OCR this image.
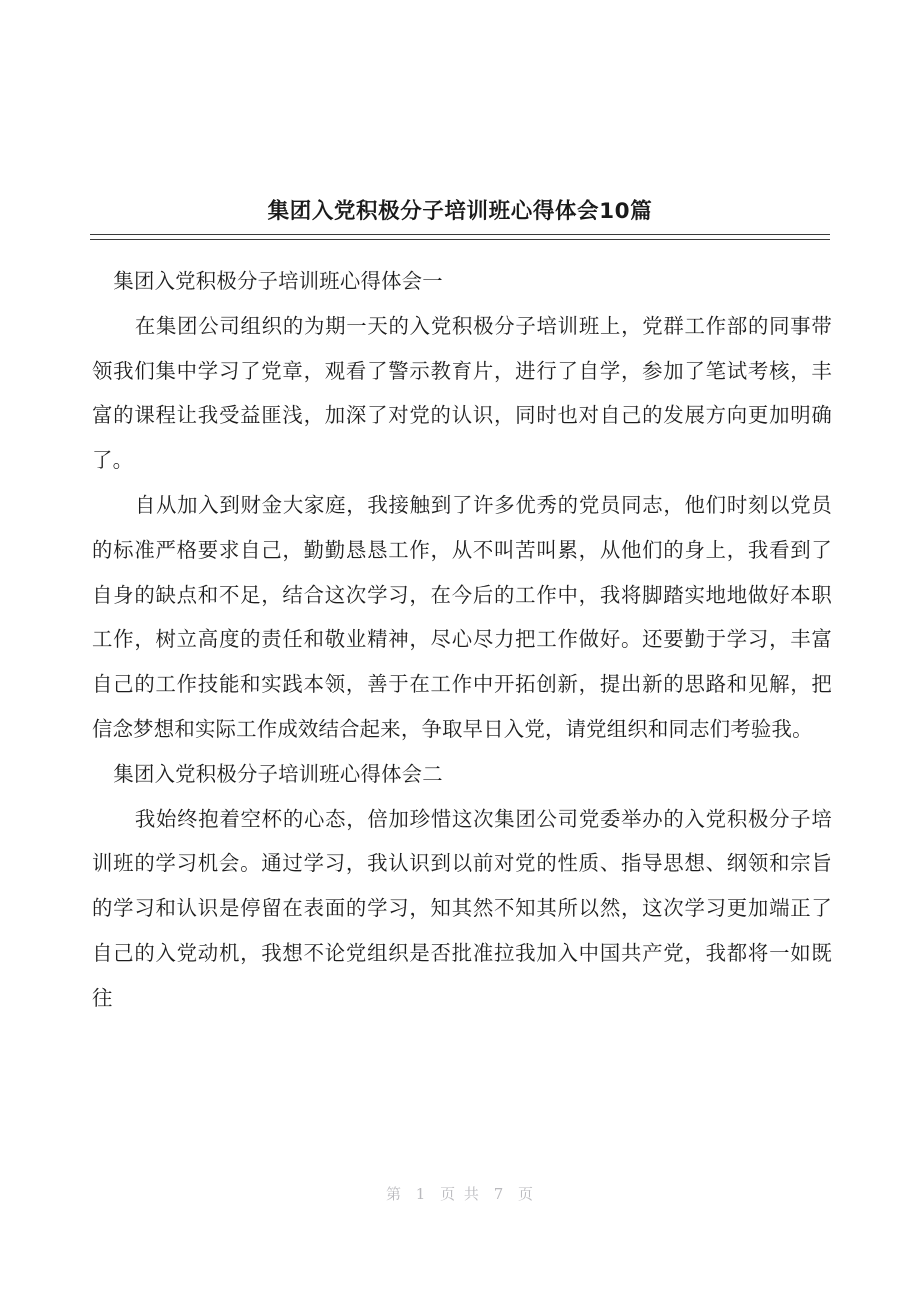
集团入党积极分子培训班心得体会10篇

集团入党积极分子培训班心得体会一

在集团公司组织的为期一天的入党积极分子培训班上，党群工作部的同事带领我们集中学习了党章，观看了警示教育片，进行了自学，参加了笔试考核，丰富的课程让我受益匪浅，加深了对党的认识，同时也对自己的发展方向更加明确了。

自从加入到财金大家庭，我接触到了许多优秀的党员同志，他们时刻以党员的标准严格要求自己，勤勤恳恳工作，从不叫苦叫累，从他们的身上，我看到了自身的缺点和不足，结合这次学习，在今后的工作中，我将脚踏实地地做好本职工作，树立高度的责任和敬业精神，尽心尽力把工作做好。还要勤于学习，丰富自己的工作技能和实践本领，善于在工作中开拓创新，提出新的思路和见解，把信念梦想和实际工作成效结合起来，争取早日入党，请党组织和同志们考验我。

集团入党积极分子培训班心得体会二

我始终抱着空杯的心态，倍加珍惜这次集团公司党委举办的入党积极分子培训班的学习机会。通过学习，我认识到以前对党的性质、指导思想、纲领和宗旨的学习和认识是停留在表面的学习，知其然不知其所以然，这次学习更加端正了自己的入党动机，我想不论党组织是否批准拉我加入中国共产党，我都将一如既往

第 1 页 共 7 页
